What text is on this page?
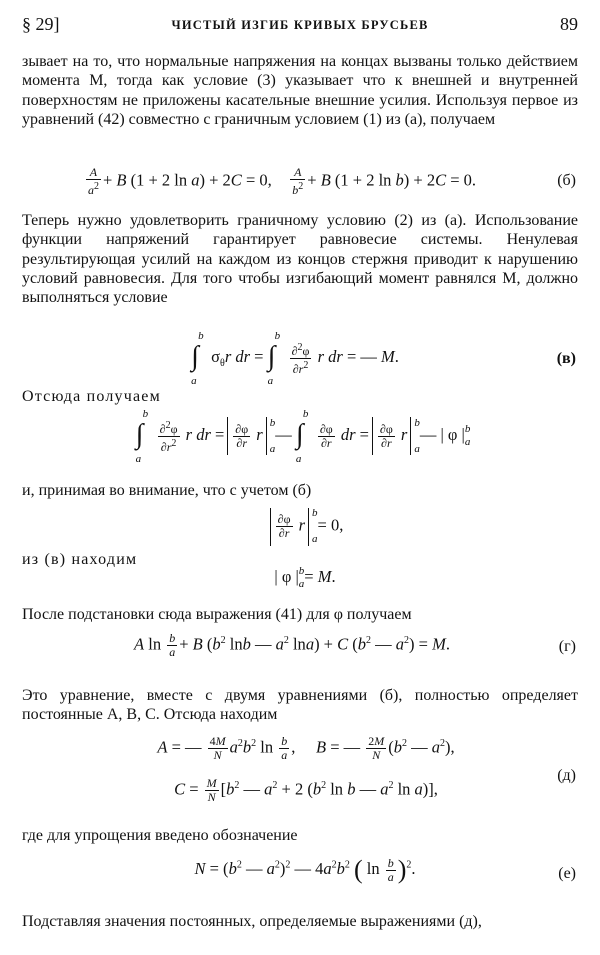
§ 29]	ЧИСТЫЙ ИЗГИБ КРИВЫХ БРУСЬЕВ	89
зывает на то, что нормальные напряжения на концах вызваны только действием момента M, тогда как условие (3) указывает что к внешней и внутренней поверхностям не приложены касательные внешние усилия. Используя первое из уравнений (42) совместно с граничным условием (1) из (а), получаем
$\frac{A}{a^2} + B$ (1 + 2 ln a) + 2C = 0, $\frac{A}{b^2} + B$ (1 + 2 ln b) + 2C = 0.	(б)
Теперь нужно удовлетворить граничному условию (2) из (а). Использование функции напряжений гарантирует равновесие системы. Ненулевая результирующая усилий на каждом из концов стержня приводит к нарушению условий равновесия. Для того чтобы изгибающий момент равнялся M, должно выполняться условие
∫
b
a
$\sigma_\theta r$ dr = ∫
b
a
$\frac{\partial^2\varphi}{\partial r^2}$ r dr = — M.	(в)
Отсюда получаем
∫
b
a
$\frac{\partial^2\varphi}{\partial r^2}$ r dr = $\frac{\partial\varphi}{\partial r}$ rb

a— ∫
b
a
$\frac{\partial\varphi}{\partial r}$ dr = $\frac{\partial\varphi}{\partial r}$ rb

a— | φ |b
a
и, принимая во внимание, что с учетом (б)
$\frac{\partial\varphi}{\partial r}$ rb

a= 0,
из (в) находим
| φ |b
a= M.
После подстановки сюда выражения (41) для φ получаем
A $\ln \frac{b}{a} + B$ ($b^2$ lnb — $a^2$ lna) + C ($b^2$ — $a^2) = M$.	(г)
Это уравнение, вместе с двумя уравнениями (б), полностью определяет постоянные A, B, C. Отсюда находим
A = — $\frac{4M}{N} a^2b^2$ $\ln \frac{b}{a}$ ,     B = — $\frac{2M}{N} (b^2$ — $a^2$),
(д)
$C = \frac{M}{N} [b^2$ — $a^2 + 2$ ($b^2$ ln b — $a^2$ ln a)],
где для упрощения введено обозначение
$N = (b^2$ — $a^2)^2$ — $4a^2b^2$ ( $\ln \frac{b}{a} )^2$.	(е)
Подставляя значения постоянных, определяемые выражениями (д),
